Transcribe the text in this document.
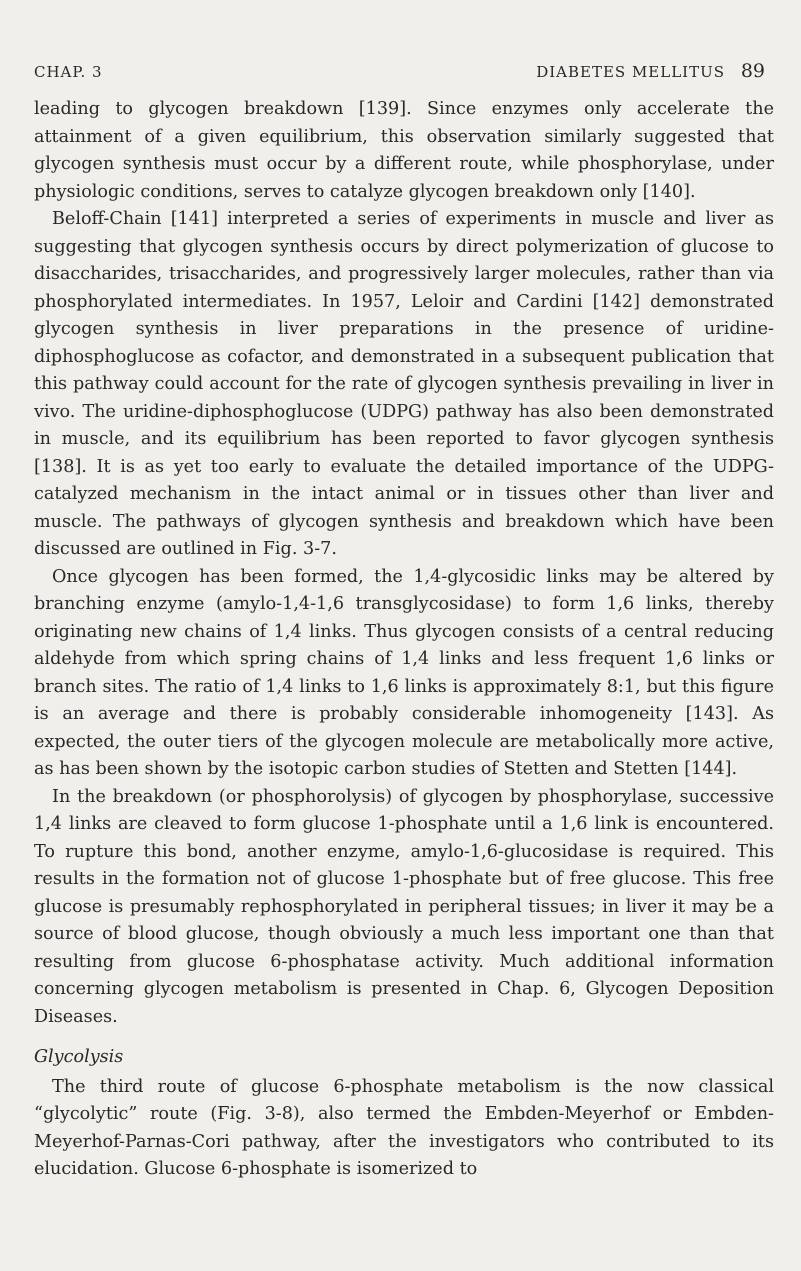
CHAP. 3	DIABETES MELLITUS 89

leading to glycogen breakdown [139]. Since enzymes only accelerate the attainment of a given equilibrium, this observation similarly suggested that glycogen synthesis must occur by a different route, while phosphorylase, under physiologic conditions, serves to catalyze glycogen breakdown only [140].

Beloff-Chain [141] interpreted a series of experiments in muscle and liver as suggesting that glycogen synthesis occurs by direct polymerization of glucose to disaccharides, trisaccharides, and progressively larger molecules, rather than via phosphorylated intermediates. In 1957, Leloir and Cardini [142] demonstrated glycogen synthesis in liver preparations in the presence of uridine-diphosphoglucose as cofactor, and demonstrated in a subsequent publication that this pathway could account for the rate of glycogen synthesis prevailing in liver in vivo. The uridine-diphosphoglucose (UDPG) pathway has also been demonstrated in muscle, and its equilibrium has been reported to favor glycogen synthesis [138]. It is as yet too early to evaluate the detailed importance of the UDPG-catalyzed mechanism in the intact animal or in tissues other than liver and muscle. The pathways of glycogen synthesis and breakdown which have been discussed are outlined in Fig. 3-7.

Once glycogen has been formed, the 1,4-glycosidic links may be altered by branching enzyme (amylo-1,4-1,6 transglycosidase) to form 1,6 links, thereby originating new chains of 1,4 links. Thus glycogen consists of a central reducing aldehyde from which spring chains of 1,4 links and less frequent 1,6 links or branch sites. The ratio of 1,4 links to 1,6 links is approximately 8:1, but this figure is an average and there is probably considerable inhomogeneity [143]. As expected, the outer tiers of the glycogen molecule are metabolically more active, as has been shown by the isotopic carbon studies of Stetten and Stetten [144].

In the breakdown (or phosphorolysis) of glycogen by phosphorylase, successive 1,4 links are cleaved to form glucose 1-phosphate until a 1,6 link is encountered. To rupture this bond, another enzyme, amylo-1,6-glucosidase is required. This results in the formation not of glucose 1-phosphate but of free glucose. This free glucose is presumably rephosphorylated in peripheral tissues; in liver it may be a source of blood glucose, though obviously a much less important one than that resulting from glucose 6-phosphatase activity. Much additional information concerning glycogen metabolism is presented in Chap. 6, Glycogen Deposition Diseases.

Glycolysis

The third route of glucose 6-phosphate metabolism is the now classical “glycolytic” route (Fig. 3-8), also termed the Embden-Meyerhof or Embden-Meyerhof-Parnas-Cori pathway, after the investigators who contributed to its elucidation. Glucose 6-phosphate is isomerized to
